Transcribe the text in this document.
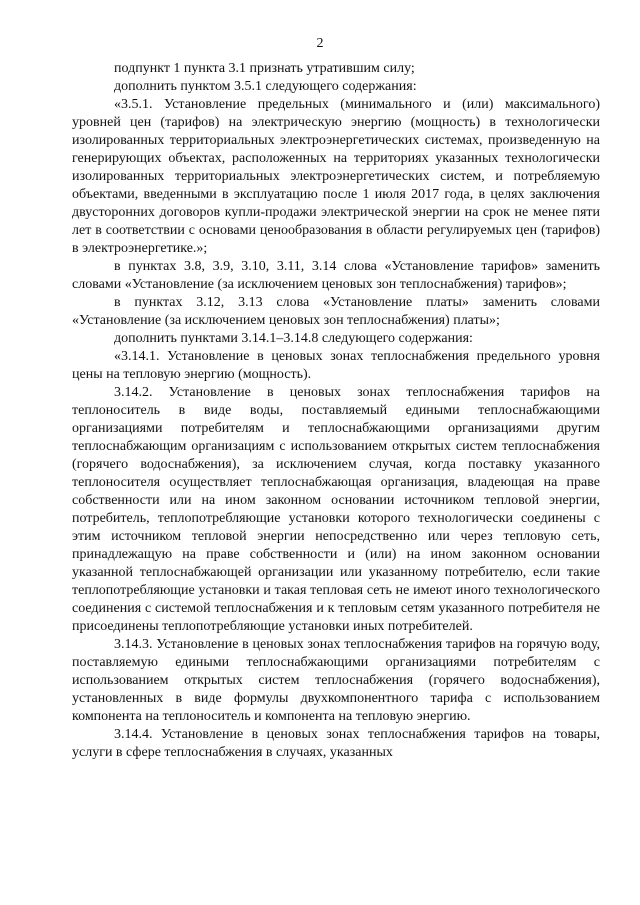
2

подпункт 1 пункта 3.1 признать утратившим силу;

дополнить пунктом 3.5.1 следующего содержания:

«3.5.1. Установление предельных (минимального и (или) максимального) уровней цен (тарифов) на электрическую энергию (мощность) в технологически изолированных территориальных электроэнергетических системах, произведенную на генерирующих объектах, расположенных на территориях указанных технологически изолированных территориальных электроэнергетических систем, и потребляемую объектами, введенными в эксплуатацию после 1 июля 2017 года, в целях заключения двусторонних договоров купли-продажи электрической энергии на срок не менее пяти лет в соответствии с основами ценообразования в области регулируемых цен (тарифов) в электроэнергетике.»;

в пунктах 3.8, 3.9, 3.10, 3.11, 3.14 слова «Установление тарифов» заменить словами «Установление (за исключением ценовых зон теплоснабжения) тарифов»;

в пунктах 3.12, 3.13 слова «Установление платы» заменить словами «Установление (за исключением ценовых зон теплоснабжения) платы»;

дополнить пунктами 3.14.1–3.14.8 следующего содержания:

«3.14.1. Установление в ценовых зонах теплоснабжения предельного уровня цены на тепловую энергию (мощность).

3.14.2. Установление в ценовых зонах теплоснабжения тарифов на теплоноситель в виде воды, поставляемый едиными теплоснабжающими организациями потребителям и теплоснабжающими организациями другим теплоснабжающим организациям с использованием открытых систем теплоснабжения (горячего водоснабжения), за исключением случая, когда поставку указанного теплоносителя осуществляет теплоснабжающая организация, владеющая на праве собственности или на ином законном основании источником тепловой энергии, потребитель, теплопотребляющие установки которого технологически соединены с этим источником тепловой энергии непосредственно или через тепловую сеть, принадлежащую на праве собственности и (или) на ином законном основании указанной теплоснабжающей организации или указанному потребителю, если такие теплопотребляющие установки и такая тепловая сеть не имеют иного технологического соединения с системой теплоснабжения и к тепловым сетям указанного потребителя не присоединены теплопотребляющие установки иных потребителей.

3.14.3. Установление в ценовых зонах теплоснабжения тарифов на горячую воду, поставляемую едиными теплоснабжающими организациями потребителям с использованием открытых систем теплоснабжения (горячего водоснабжения), установленных в виде формулы двухкомпонентного тарифа с использованием компонента на теплоноситель и компонента на тепловую энергию.

3.14.4. Установление в ценовых зонах теплоснабжения тарифов на товары, услуги в сфере теплоснабжения в случаях, указанных
